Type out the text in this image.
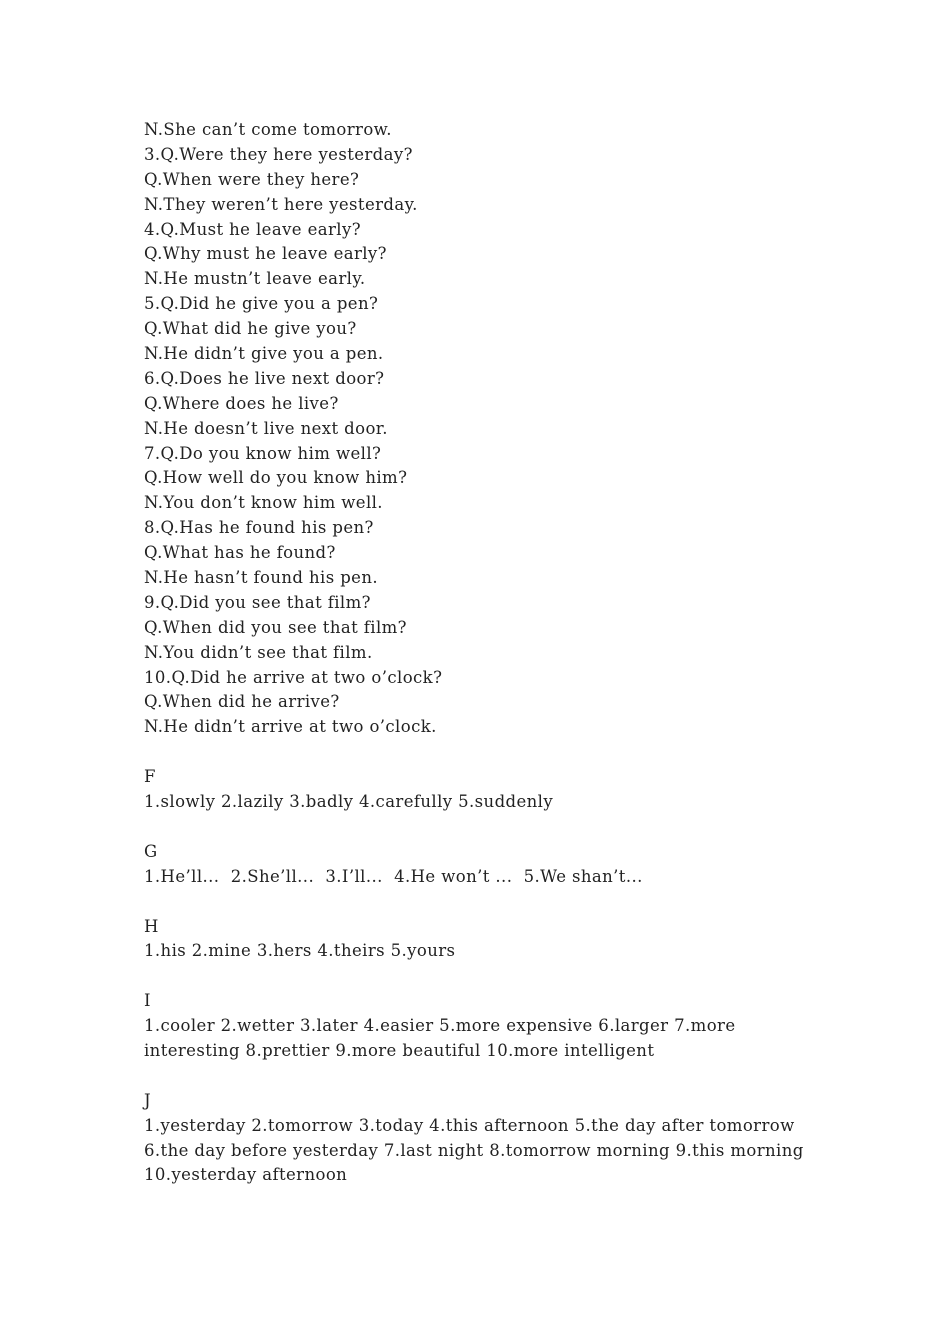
N.She can’t come tomorrow.
3.Q.Were they here yesterday?
Q.When were they here?
N.They weren’t here yesterday.
4.Q.Must he leave early?
Q.Why must he leave early?
N.He mustn’t leave early.
5.Q.Did he give you a pen?
Q.What did he give you?
N.He didn’t give you a pen.
6.Q.Does he live next door?
Q.Where does he live?
N.He doesn’t live next door.
7.Q.Do you know him well?
Q.How well do you know him?
N.You don’t know him well.
8.Q.Has he found his pen?
Q.What has he found?
N.He hasn’t found his pen.
9.Q.Did you see that film?
Q.When did you see that film?
N.You didn’t see that film.
10.Q.Did he arrive at two o’clock?
Q.When did he arrive?
N.He didn’t arrive at two o’clock.
F
1.slowly 2.lazily 3.badly 4.carefully 5.suddenly
G
1.He’ll...  2.She’ll...  3.I’ll...  4.He won’t ...  5.We shan’t...
H
1.his 2.mine 3.hers 4.theirs 5.yours
I
1.cooler 2.wetter 3.later 4.easier 5.more expensive 6.larger 7.more
interesting 8.prettier 9.more beautiful 10.more intelligent
J
1.yesterday 2.tomorrow 3.today 4.this afternoon 5.the day after tomorrow
6.the day before yesterday 7.last night 8.tomorrow morning 9.this morning
10.yesterday afternoon
